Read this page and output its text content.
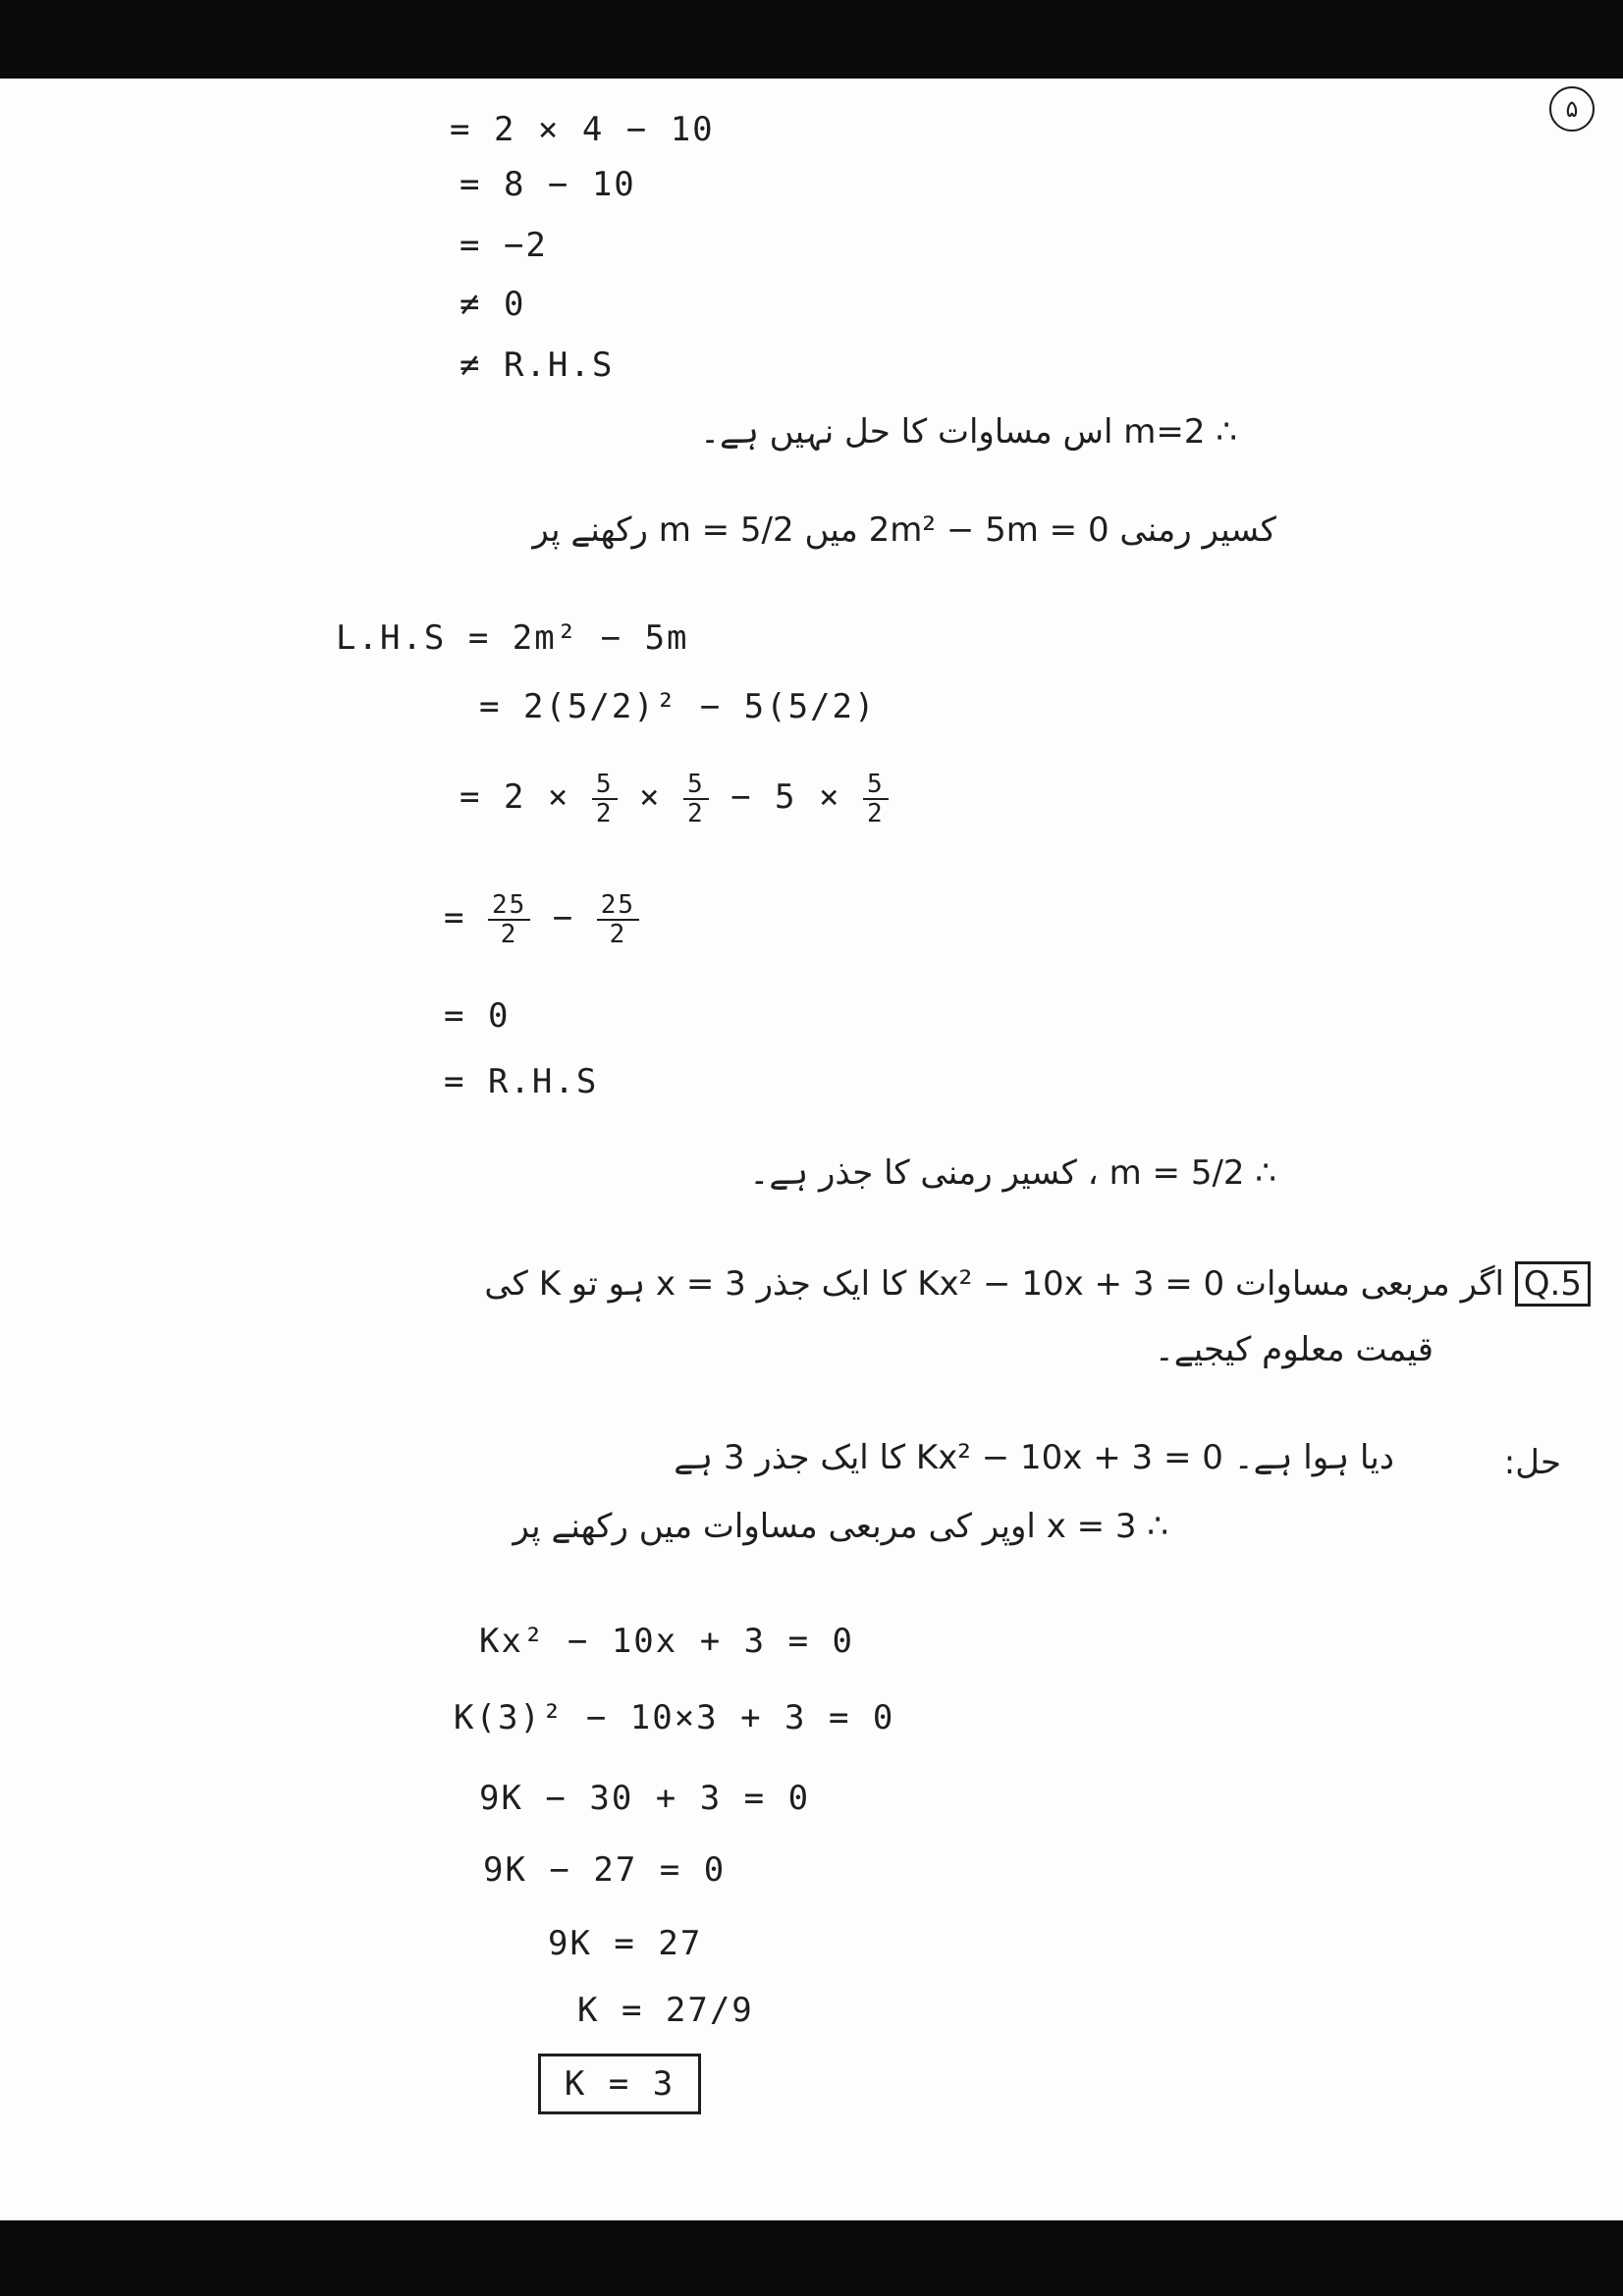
۵
= 2 × 4 − 10
= 8 − 10
= −2
≠ 0
≠ R.H.S
∴ m=2 اس مساوات کا حل نہیں ہے۔
کسیر رمنی 2m² − 5m = 0 میں m = 5/2 رکھنے پر
L.H.S = 2m² − 5m
= 2(5/2)² − 5(5/2)
= $2 \times \frac{5}{2} \times \frac{5}{2} - 5 \times \frac{5}{2}$
= $\frac{25}{2} - \frac{25}{2}$
= 0
= R.H.S
∴ m = 5/2 ، کسیر رمنی کا جذر ہے۔
Q.5 اگر مربعی مساوات Kx² − 10x + 3 = 0 کا ایک جذر x = 3 ہو تو K کی
قیمت معلوم کیجیے۔
حل:
دیا ہوا ہے۔ Kx² − 10x + 3 = 0 کا ایک جذر 3 ہے
∴ x = 3 اوپر کی مربعی مساوات میں رکھنے پر
Kx² − 10x + 3 = 0
K(3)² − 10×3 + 3 = 0
9K − 30 + 3 = 0
9K − 27 = 0
9K = 27
K = 27/9
K = 3
